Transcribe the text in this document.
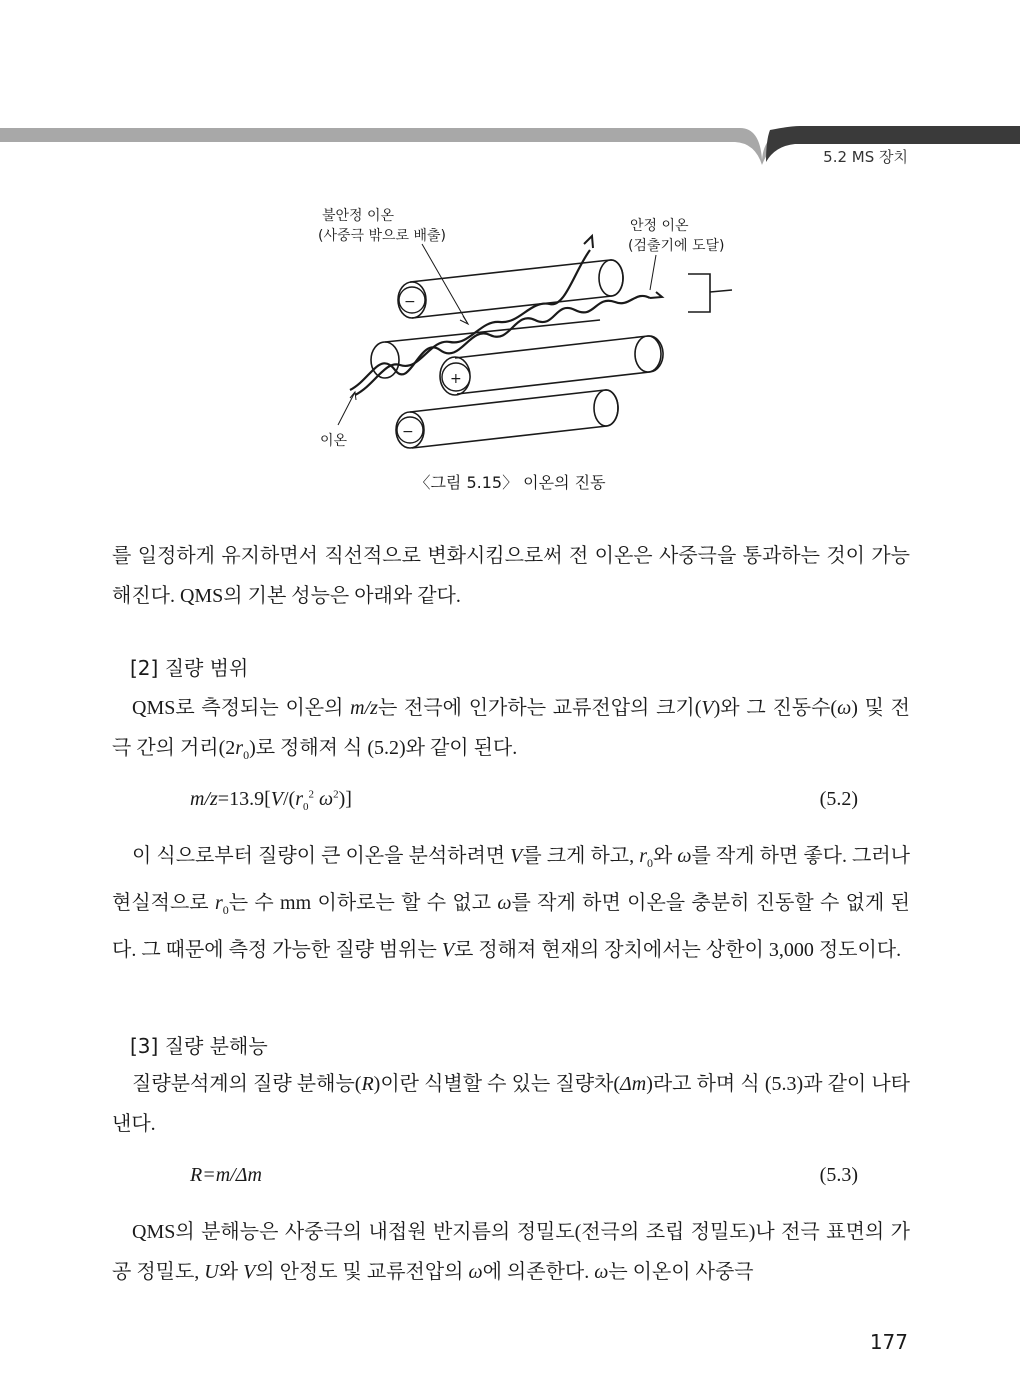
5.2 MS 장치
−
+
−
불안정 이온
(사중극 밖으로 배출)
안정 이온
(검출기에 도달)
이온
〈그림 5.15〉 이온의 진동

를 일정하게 유지하면서 직선적으로 변화시킴으로써 전 이온은 사중극을 통과하는 것이 가능해진다. QMS의 기본 성능은 아래와 같다.

[2] 질량 범위

QMS로 측정되는 이온의 m/z는 전극에 인가하는 교류전압의 크기(V)와 그 진동수(ω) 및 전극 간의 거리$(2r_0)$로 정해져 식 (5.2)와 같이 된다.

$m/z=13.9[V/(r_0^2$ $\omega^2$)]	(5.2)

이 식으로부터 질량이 큰 이온을 분석하려면 V를 크게 하고, $r_0$와 ω를 작게 하면 좋다. 그러나 현실적으로 $r_0$는 수 mm 이하로는 할 수 없고 ω를 작게 하면 이온을 충분히 진동할 수 없게 된다. 그 때문에 측정 가능한 질량 범위는 V로 정해져 현재의 장치에서는 상한이 3,000 정도이다.

[3] 질량 분해능

질량분석계의 질량 분해능(R)이란 식별할 수 있는 질량차(Δm)라고 하며 식 (5.3)과 같이 나타낸다.

R=m/Δm	(5.3)

QMS의 분해능은 사중극의 내접원 반지름의 정밀도(전극의 조립 정밀도)나 전극 표면의 가공 정밀도, U와 V의 안정도 및 교류전압의 ω에 의존한다. ω는 이온이 사중극

177
